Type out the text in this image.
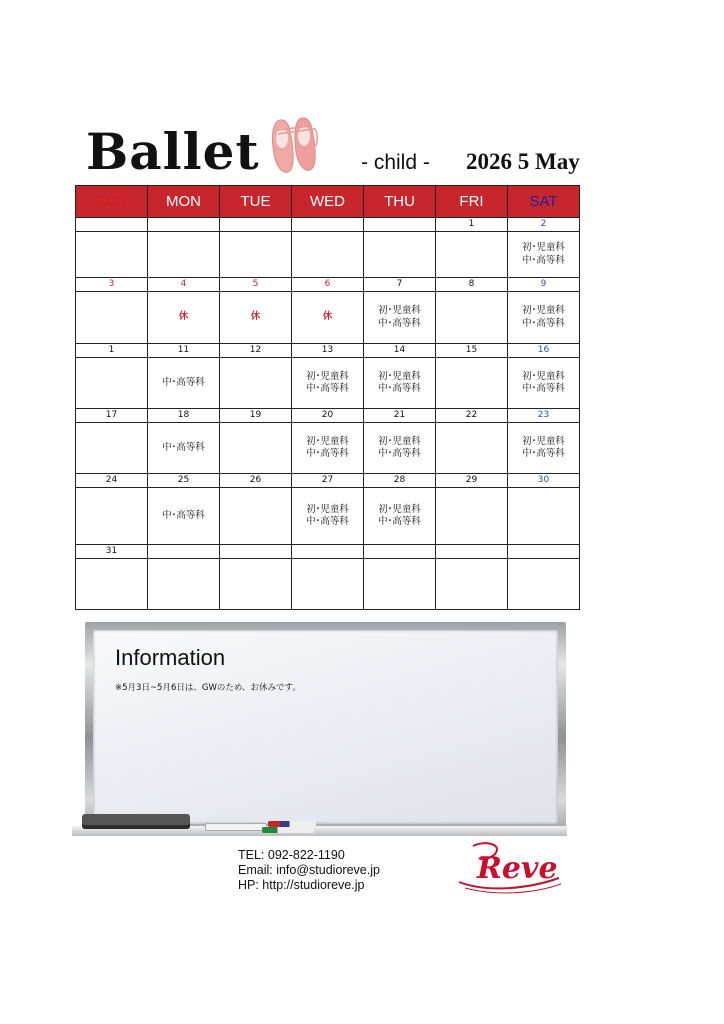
Ballet	- child - 2026 5 May
SUN	MON	TUE	WED	THU	FRI	SAT
					1	2
						初･児童科
中･高等科
3	4	5	6	7	8	9
	休	休	休	初･児童科
中･高等科		初･児童科
中･高等科
1	11	12	13	14	15	16
	中･高等科		初･児童科
中･高等科	初･児童科
中･高等科		初･児童科
中･高等科
17	18	19	20	21	22	23
	中･高等科		初･児童科
中･高等科	初･児童科
中･高等科		初･児童科
中･高等科
24	25	26	27	28	29	30
	中･高等科		初･児童科
中･高等科	初･児童科
中･高等科		
31						

Information
※5月3日~5月6日は、GWのため、お休みです。
TEL: 092-822-1190
Email: info@studioreve.jp
HP: http://studioreve.jp	Reve
